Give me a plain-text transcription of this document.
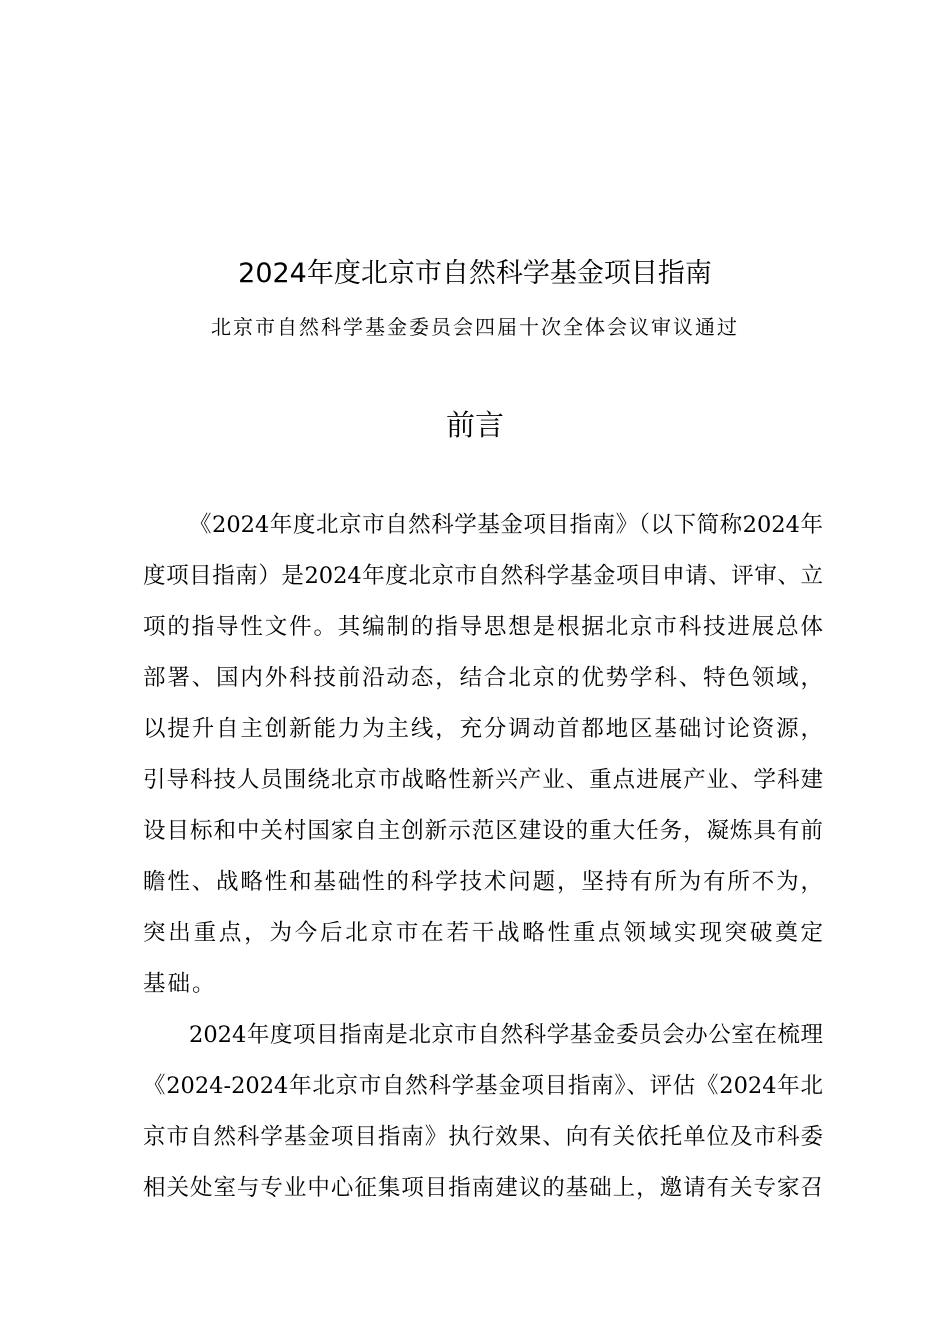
2024年度北京市自然科学基金项目指南
北京市自然科学基金委员会四届十次全体会议审议通过
前言
《2024年度北京市自然科学基金项目指南》（以下简称2024年
度项目指南）是2024年度北京市自然科学基金项目申请、评审、立
项的指导性文件。其编制的指导思想是根据北京市科技进展总体
部署、国内外科技前沿动态，结合北京的优势学科、特色领域，
以提升自主创新能力为主线，充分调动首都地区基础讨论资源，
引导科技人员围绕北京市战略性新兴产业、重点进展产业、学科建
设目标和中关村国家自主创新示范区建设的重大任务，凝炼具有前
瞻性、战略性和基础性的科学技术问题，坚持有所为有所不为，
突出重点，为今后北京市在若干战略性重点领域实现突破奠定
基础。
2024年度项目指南是北京市自然科学基金委员会办公室在梳理
《2024-2024年北京市自然科学基金项目指南》、评估《2024年北
京市自然科学基金项目指南》执行效果、向有关依托单位及市科委
相关处室与专业中心征集项目指南建议的基础上，邀请有关专家召
